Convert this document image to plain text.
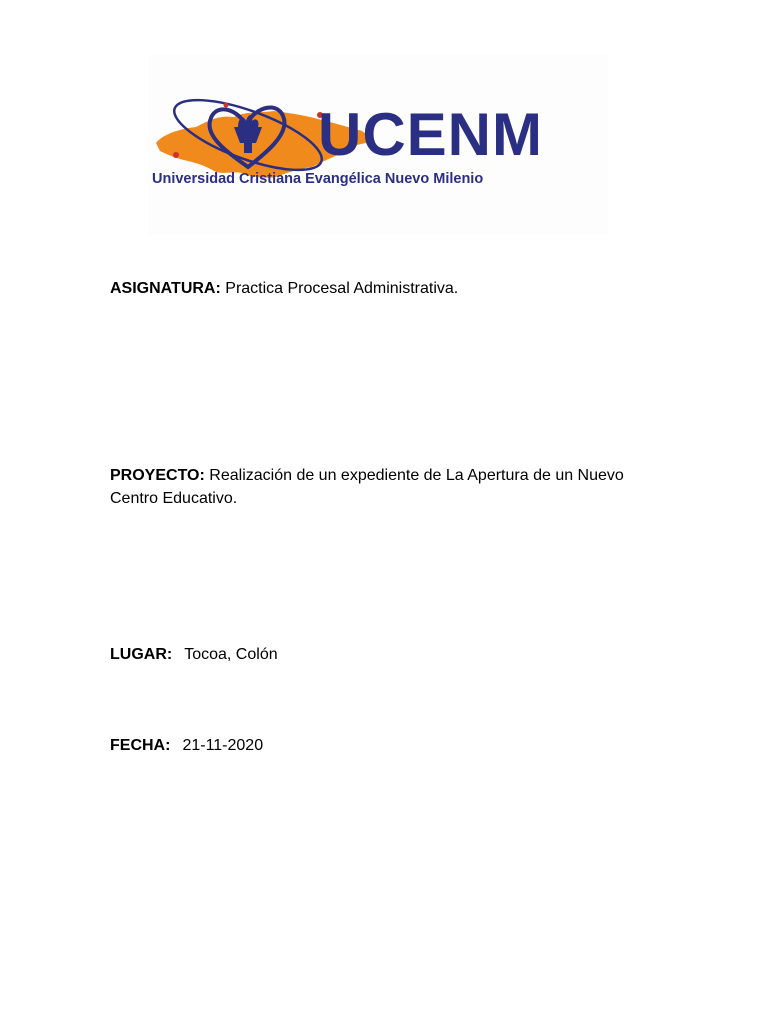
UCENM
Universidad Cristiana Evangélica Nuevo Milenio
ASIGNATURA: Practica Procesal Administrativa.
PROYECTO: Realización de un expediente de La Apertura de un Nuevo Centro Educativo.
LUGAR: Tocoa, Colón
FECHA: 21-11-2020
